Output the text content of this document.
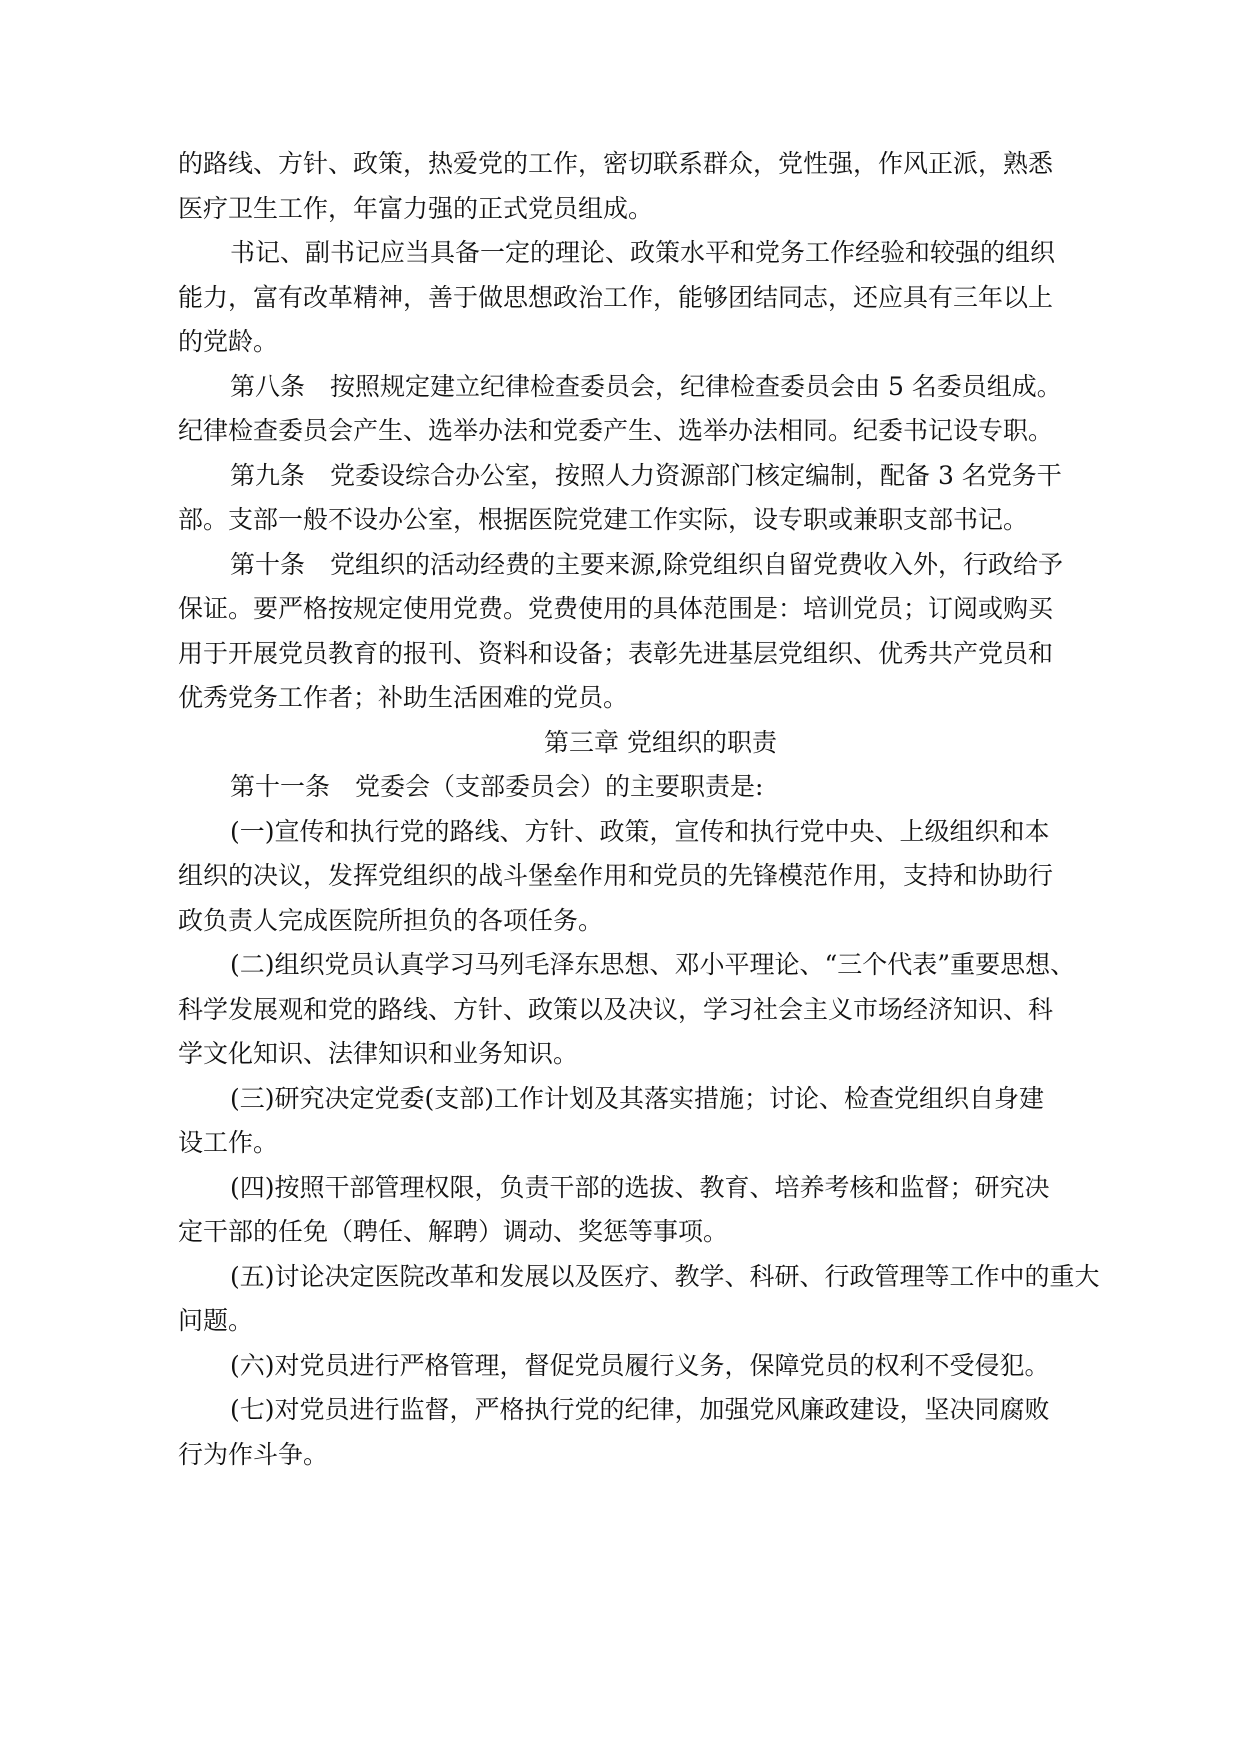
的路线、方针、政策，热爱党的工作，密切联系群众，党性强，作风正派，熟悉
医疗卫生工作，年富力强的正式党员组成。
书记、副书记应当具备一定的理论、政策水平和党务工作经验和较强的组织
能力，富有改革精神，善于做思想政治工作，能够团结同志，还应具有三年以上
的党龄。
第八条　按照规定建立纪律检查委员会，纪律检查委员会由 5 名委员组成。
纪律检查委员会产生、选举办法和党委产生、选举办法相同。纪委书记设专职。
第九条　党委设综合办公室，按照人力资源部门核定编制，配备 3 名党务干
部。支部一般不设办公室，根据医院党建工作实际，设专职或兼职支部书记。
第十条　党组织的活动经费的主要来源,除党组织自留党费收入外，行政给予
保证。要严格按规定使用党费。党费使用的具体范围是：培训党员；订阅或购买
用于开展党员教育的报刊、资料和设备；表彰先进基层党组织、优秀共产党员和
优秀党务工作者；补助生活困难的党员。
第三章 党组织的职责
第十一条　党委会（支部委员会）的主要职责是:
(一)宣传和执行党的路线、方针、政策，宣传和执行党中央、上级组织和本
组织的决议，发挥党组织的战斗堡垒作用和党员的先锋模范作用，支持和协助行
政负责人完成医院所担负的各项任务。
(二)组织党员认真学习马列毛泽东思想、邓小平理论、“三个代表”重要思想、
科学发展观和党的路线、方针、政策以及决议，学习社会主义市场经济知识、科
学文化知识、法律知识和业务知识。
(三)研究决定党委(支部)工作计划及其落实措施；讨论、检查党组织自身建
设工作。
(四)按照干部管理权限，负责干部的选拔、教育、培养考核和监督；研究决
定干部的任免（聘任、解聘）调动、奖惩等事项。
(五)讨论决定医院改革和发展以及医疗、教学、科研、行政管理等工作中的重大
问题。
(六)对党员进行严格管理，督促党员履行义务，保障党员的权利不受侵犯。
(七)对党员进行监督，严格执行党的纪律，加强党风廉政建设，坚决同腐败
行为作斗争。
